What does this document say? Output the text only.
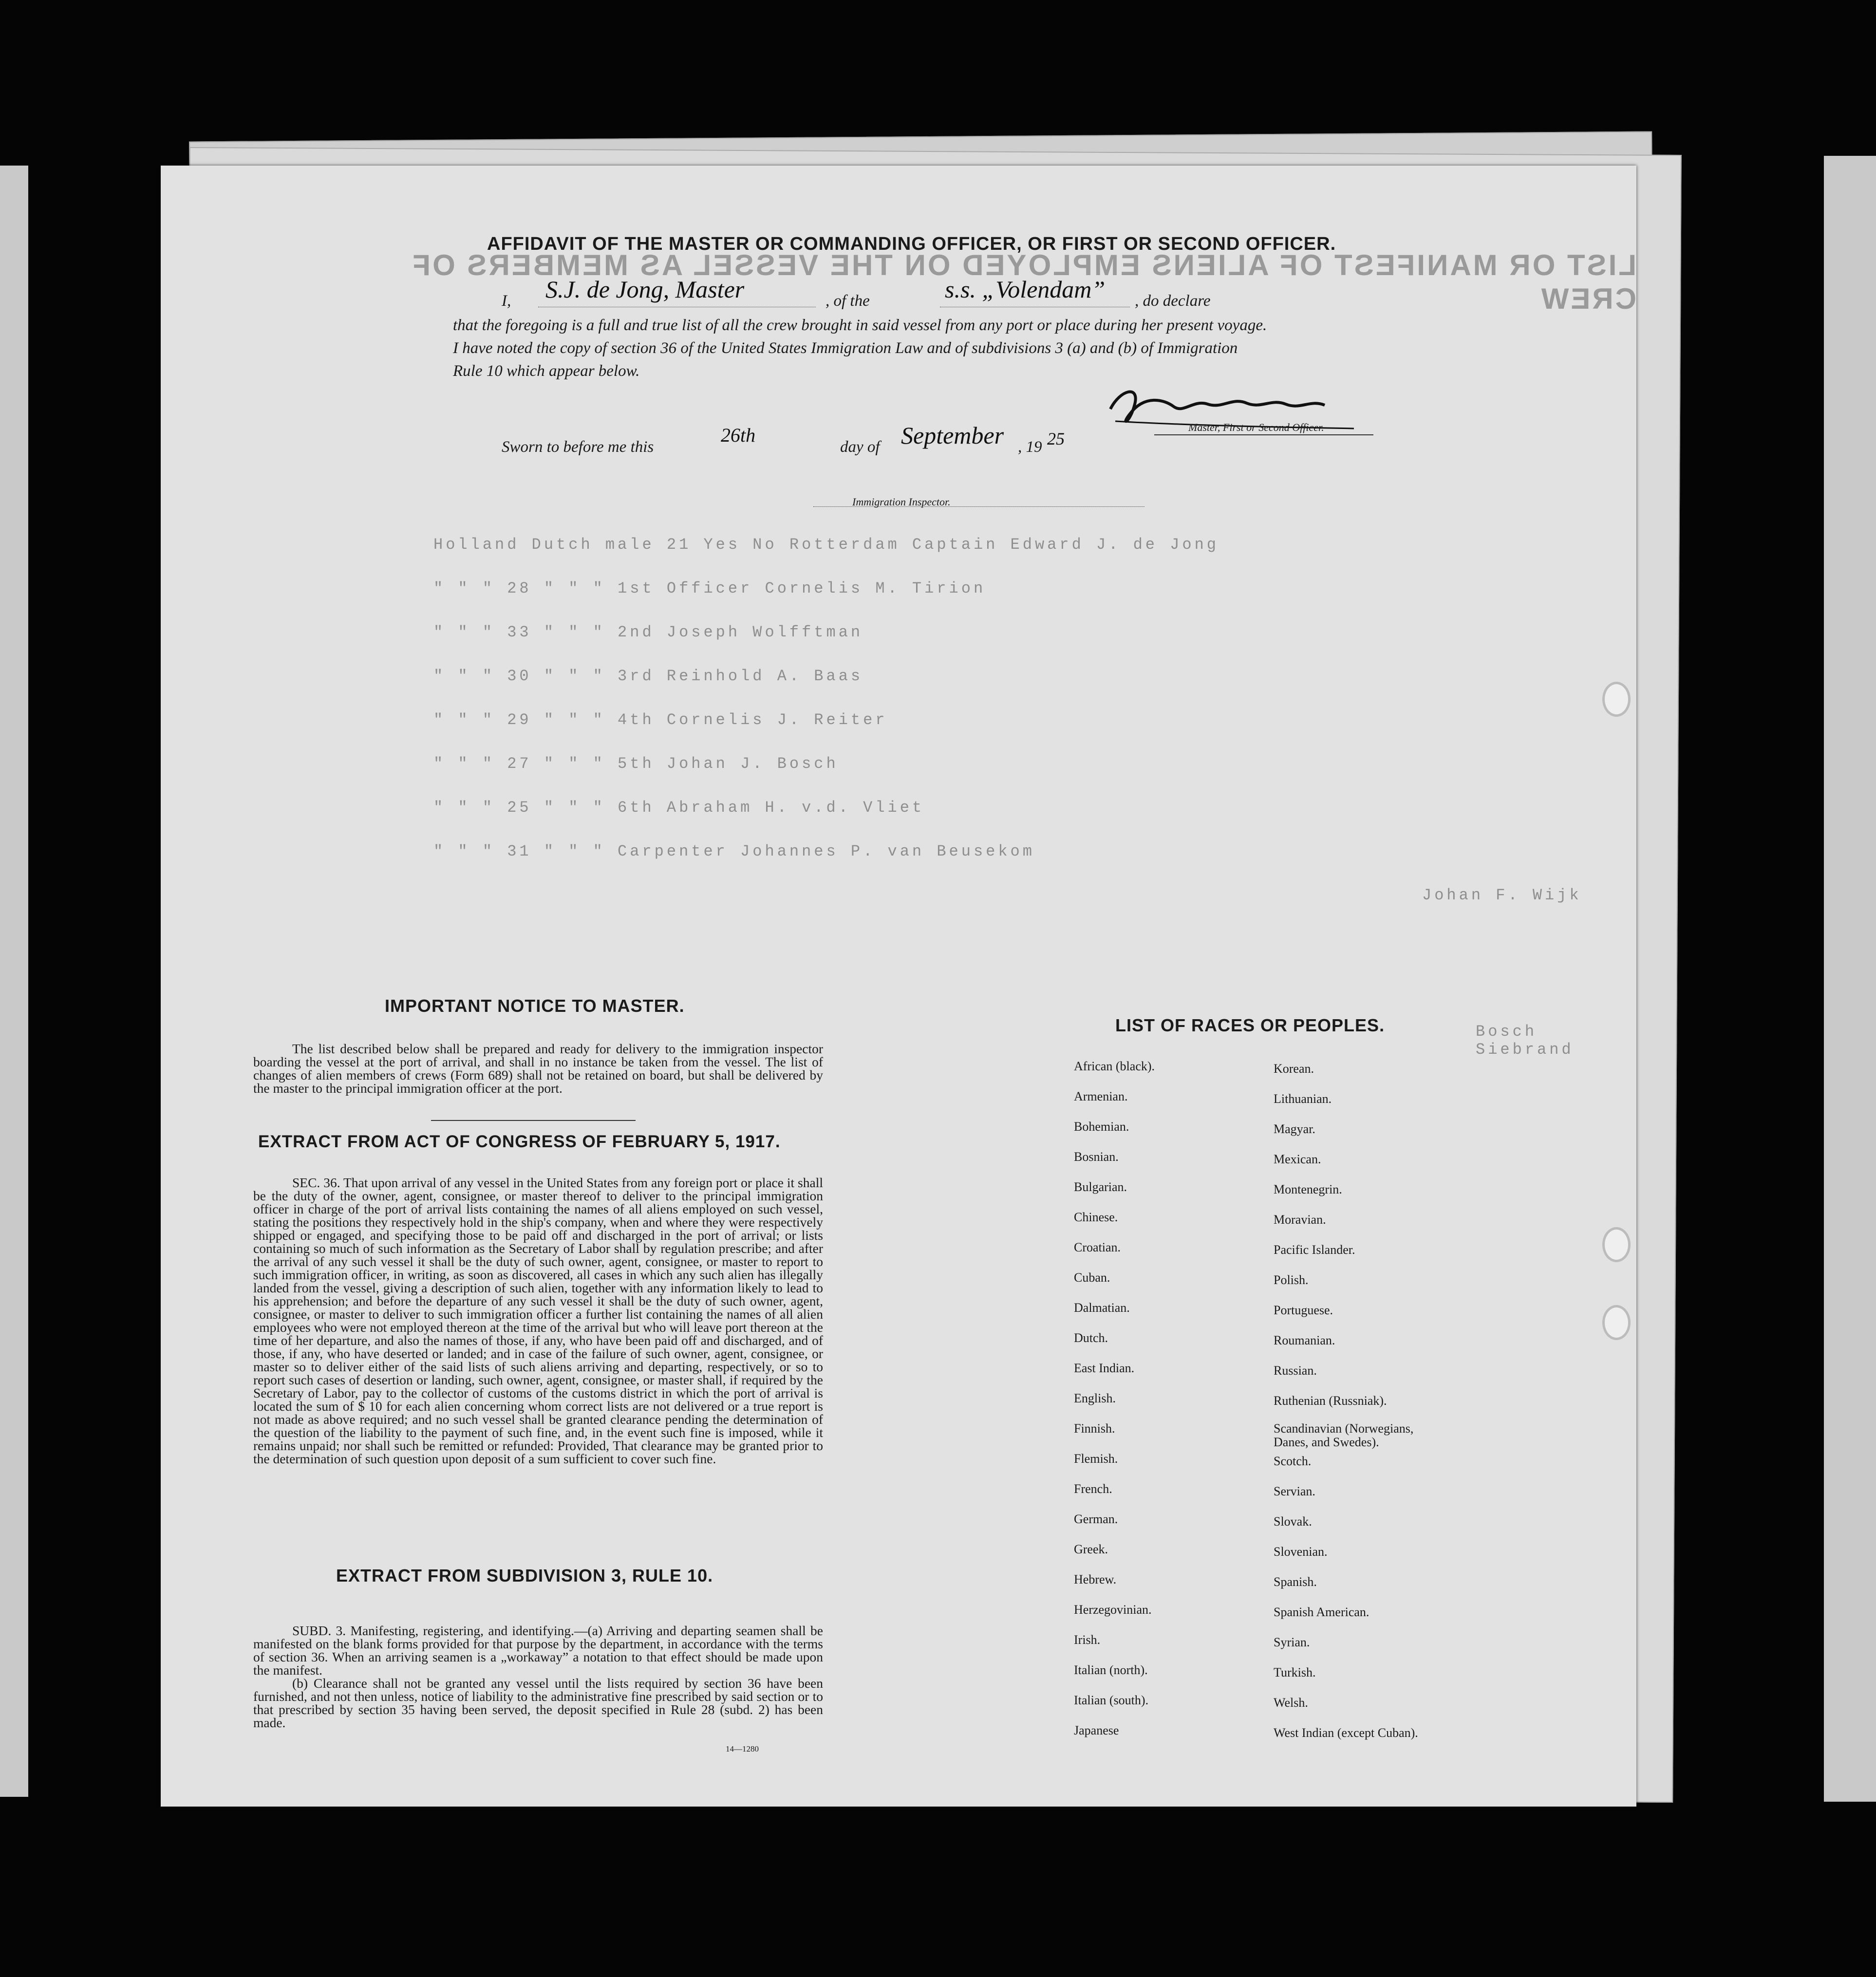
LIST OR MANIFEST OF ALIENS EMPLOYED ON THE VESSEL AS MEMBERS OF CREW
Holland Dutch male 21 Yes No Rotterdam Captain Edward J. de Jong
" " " 28 " " " 1st Officer Cornelis M. Tirion
" " " 33 " " " 2nd Joseph Wolfftman
" " " 30 " " " 3rd Reinhold A. Baas
" " " 29 " " " 4th Cornelis J. Reiter
" " " 27 " " " 5th Johan J. Bosch
" " " 25 " " " 6th Abraham H. v.d. Vliet
" " " 31 " " " Carpenter Johannes P. van Beusekom
Johan F. Wijk
Bosch Siebrand
AFFIDAVIT OF THE MASTER OR COMMANDING OFFICER, OR FIRST OR SECOND OFFICER.
I, S.J. de Jong, Master	, of the	s.s. „Volendam” , do declare
that the foregoing is a full and true list of all the crew brought in said vessel from any port or place during her present voyage.
I have noted the copy of section 36 of the United States Immigration Law and of subdivisions 3 (a) and (b) of Immigration
Rule 10 which appear below.
Master, First or Second Officer.
Sworn to before me this
26th
day of September , 19 25
Immigration Inspector.
IMPORTANT NOTICE TO MASTER.

The list described below shall be prepared and ready for delivery to the immigration inspector boarding the vessel at the port of arrival, and shall in no instance be taken from the vessel. The list of changes of alien members of crews (Form 689) shall not be retained on board, but shall be delivered by the master to the principal immigration officer at the port.

EXTRACT FROM ACT OF CONGRESS OF FEBRUARY 5, 1917.

SEC. 36. That upon arrival of any vessel in the United States from any foreign port or place it shall be the duty of the owner, agent, consignee, or master thereof to deliver to the principal immigration officer in charge of the port of arrival lists containing the names of all aliens employed on such vessel, stating the positions they respectively hold in the ship's company, when and where they were respectively shipped or engaged, and specifying those to be paid off and discharged in the port of arrival; or lists containing so much of such information as the Secretary of Labor shall by regulation prescribe; and after the arrival of any such vessel it shall be the duty of such owner, agent, consignee, or master to report to such immigration officer, in writing, as soon as discovered, all cases in which any such alien has illegally landed from the vessel, giving a description of such alien, together with any information likely to lead to his apprehension; and before the departure of any such vessel it shall be the duty of such owner, agent, consignee, or master to deliver to such immigration officer a further list containing the names of all alien employees who were not employed thereon at the time of the arrival but who will leave port thereon at the time of her departure, and also the names of those, if any, who have been paid off and discharged, and of those, if any, who have deserted or landed; and in case of the failure of such owner, agent, consignee, or master so to deliver either of the said lists of such aliens arriving and departing, respectively, or so to report such cases of desertion or landing, such owner, agent, consignee, or master shall, if required by the Secretary of Labor, pay to the collector of customs of the customs district in which the port of arrival is located the sum of $ 10 for each alien concerning whom correct lists are not delivered or a true report is not made as above required; and no such vessel shall be granted clearance pending the determination of the question of the liability to the payment of such fine, and, in the event such fine is imposed, while it remains unpaid; nor shall such be remitted or refunded: Provided, That clearance may be granted prior to the determination of such question upon deposit of a sum sufficient to cover such fine.

EXTRACT FROM SUBDIVISION 3, RULE 10.

SUBD. 3. Manifesting, registering, and identifying.—(a) Arriving and departing seamen shall be manifested on the blank forms provided for that purpose by the department, in accordance with the terms of section 36. When an arriving seamen is a „workaway” a notation to that effect should be made upon the manifest.

(b) Clearance shall not be granted any vessel until the lists required by section 36 have been furnished, and not then unless, notice of liability to the administrative fine prescribed by said section or to that prescribed by section 35 having been served, the deposit specified in Rule 28 (subd. 2) has been made.

14—1280
LIST OF RACES OR PEOPLES.
African (black).
Armenian.
Bohemian.
Bosnian.
Bulgarian.
Chinese.
Croatian.
Cuban.
Dalmatian.
Dutch.
East Indian.
English.
Finnish.
Flemish.
French.
German.
Greek.
Hebrew.
Herzegovinian.
Irish.
Italian (north).
Italian (south).
Japanese
Korean.
Lithuanian.
Magyar.
Mexican.
Montenegrin.
Moravian.
Pacific Islander.
Polish.
Portuguese.
Roumanian.
Russian.
Ruthenian (Russniak).
Scandinavian (Norwegians, Danes, and Swedes).
Scotch.
Servian.
Slovak.
Slovenian.
Spanish.
Spanish American.
Syrian.
Turkish.
Welsh.
West Indian (except Cuban).
